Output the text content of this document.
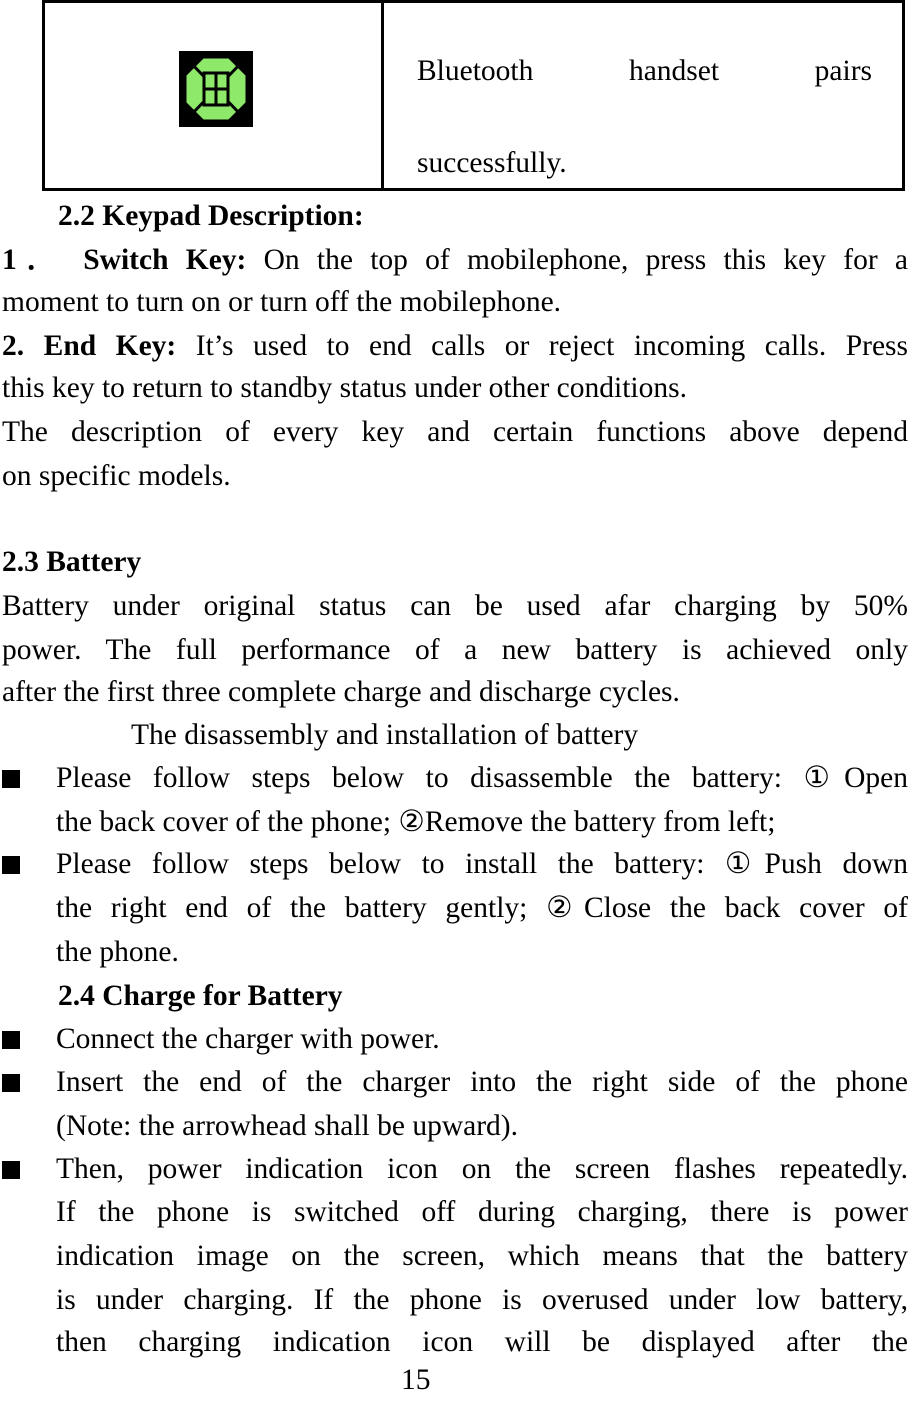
Bluetooth	handset	pairs
successfully.
2.2 Keypad Description:
1． Switch Key: On the top of mobilephone, press this key for a
moment to turn on or turn off the mobilephone.
2. End Key: It’s used to end calls or reject incoming calls. Press
this key to return to standby status under other conditions.
The description of every key and certain functions above depend
on specific models.
2.3 Battery
Battery under original status can be used afar charging by 50%
power. The full performance of a new battery is achieved only
after the first three complete charge and discharge cycles.
The disassembly and installation of battery
Please follow steps below to disassemble the battery: ①Open
the back cover of the phone; ②Remove the battery from left;
Please follow steps below to install the battery: ①Push down
the right end of the battery gently; ②Close the back cover of
the phone.
2.4 Charge for Battery
Connect the charger with power.
Insert the end of the charger into the right side of the phone
(Note: the arrowhead shall be upward).
Then, power indication icon on the screen flashes repeatedly.
If the phone is switched off during charging, there is power
indication image on the screen, which means that the battery
is under charging. If the phone is overused under low battery,
then charging indication icon will be displayed after the
15
